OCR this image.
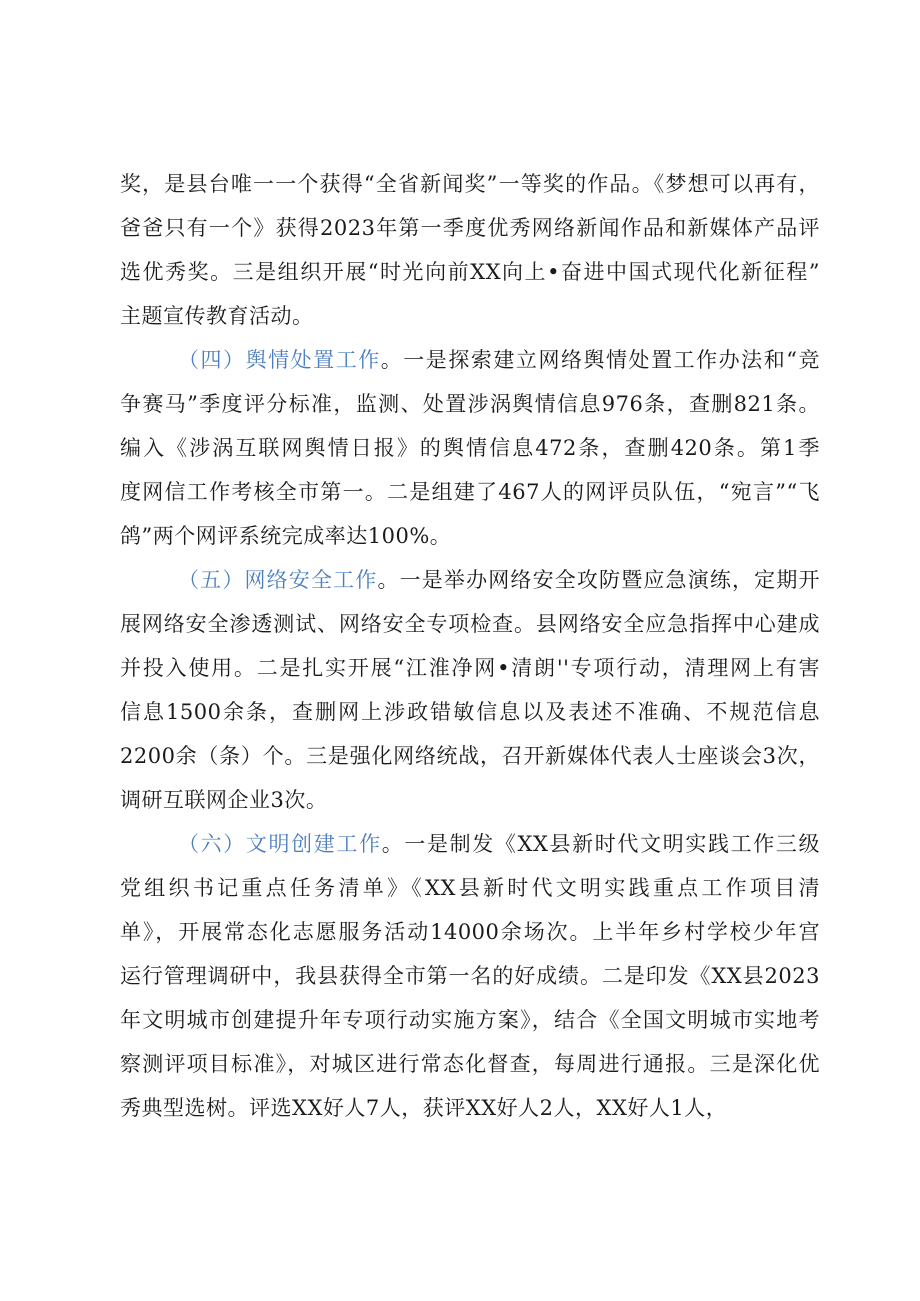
奖，是县台唯一一个获得“全省新闻奖”一等奖的作品。《梦想可以再有，
爸爸只有一个》获得2023年第一季度优秀网络新闻作品和新媒体产品评
选优秀奖。三是组织开展“时光向前XX向上•奋进中国式现代化新征程”
主题宣传教育活动。
（四）舆情处置工作。一是探索建立网络舆情处置工作办法和“竞
争赛马”季度评分标准，监测、处置涉涡舆情信息976条，查删821条。
编入《涉涡互联网舆情日报》的舆情信息472条，查删420条。第1季
度网信工作考核全市第一。二是组建了467人的网评员队伍，“宛言”“飞
鸽”两个网评系统完成率达100%。
（五）网络安全工作。一是举办网络安全攻防暨应急演练，定期开
展网络安全渗透测试、网络安全专项检查。县网络安全应急指挥中心建成
并投入使用。二是扎实开展“江淮净网•清朗''专项行动，清理网上有害
信息1500余条，查删网上涉政错敏信息以及表述不准确、不规范信息
2200余（条）个。三是强化网络统战，召开新媒体代表人士座谈会3次，
调研互联网企业3次。
（六）文明创建工作。一是制发《XX县新时代文明实践工作三级
党组织书记重点任务清单》《XX县新时代文明实践重点工作项目清
单》，开展常态化志愿服务活动14000余场次。上半年乡村学校少年宫
运行管理调研中，我县获得全市第一名的好成绩。二是印发《XX县2023
年文明城市创建提升年专项行动实施方案》，结合《全国文明城市实地考
察测评项目标准》，对城区进行常态化督查，每周进行通报。三是深化优
秀典型选树。评选XX好人7人，获评XX好人2人，XX好人1人，
